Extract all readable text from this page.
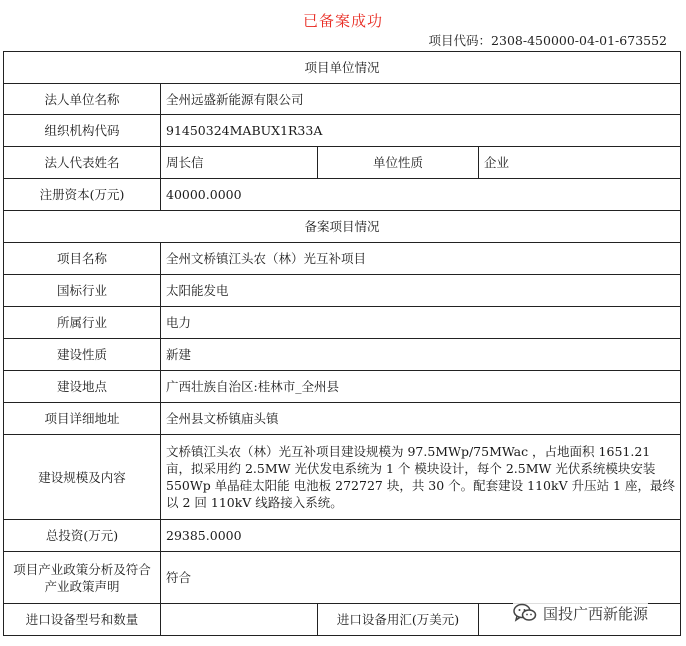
已备案成功
项目代码：2308-450000-04-01-673552
项目单位情况			
法人单位名称	全州远盛新能源有限公司		
组织机构代码	91450324MABUX1R33A		
法人代表姓名	周长信	单位性质	企业
注册资本(万元)	40000.0000		
备案项目情况			
项目名称	全州文桥镇江头农（林）光互补项目		
国标行业	太阳能发电		
所属行业	电力		
建设性质	新建		
建设地点	广西壮族自治区:桂林市_全州县		
项目详细地址	全州县文桥镇庙头镇		
建设规模及内容	文桥镇江头农（林）光互补项目建设规模为 97.5MWp/75MWac ，占地面积 1651.21 亩，拟采用约 2.5MW 光伏发电系统为 1 个 模块设计，每个 2.5MW 光伏系统模块安装 550Wp 单晶硅太阳能 电池板 272727 块，共 30 个。配套建设 110kV 升压站 1 座，最终 以 2 回 110kV 线路接入系统。		
总投资(万元)	29385.0000		
项目产业政策分析及符合产业政策声明	符合		
进口设备型号和数量		进口设备用汇(万美元)		国投广西新能源
